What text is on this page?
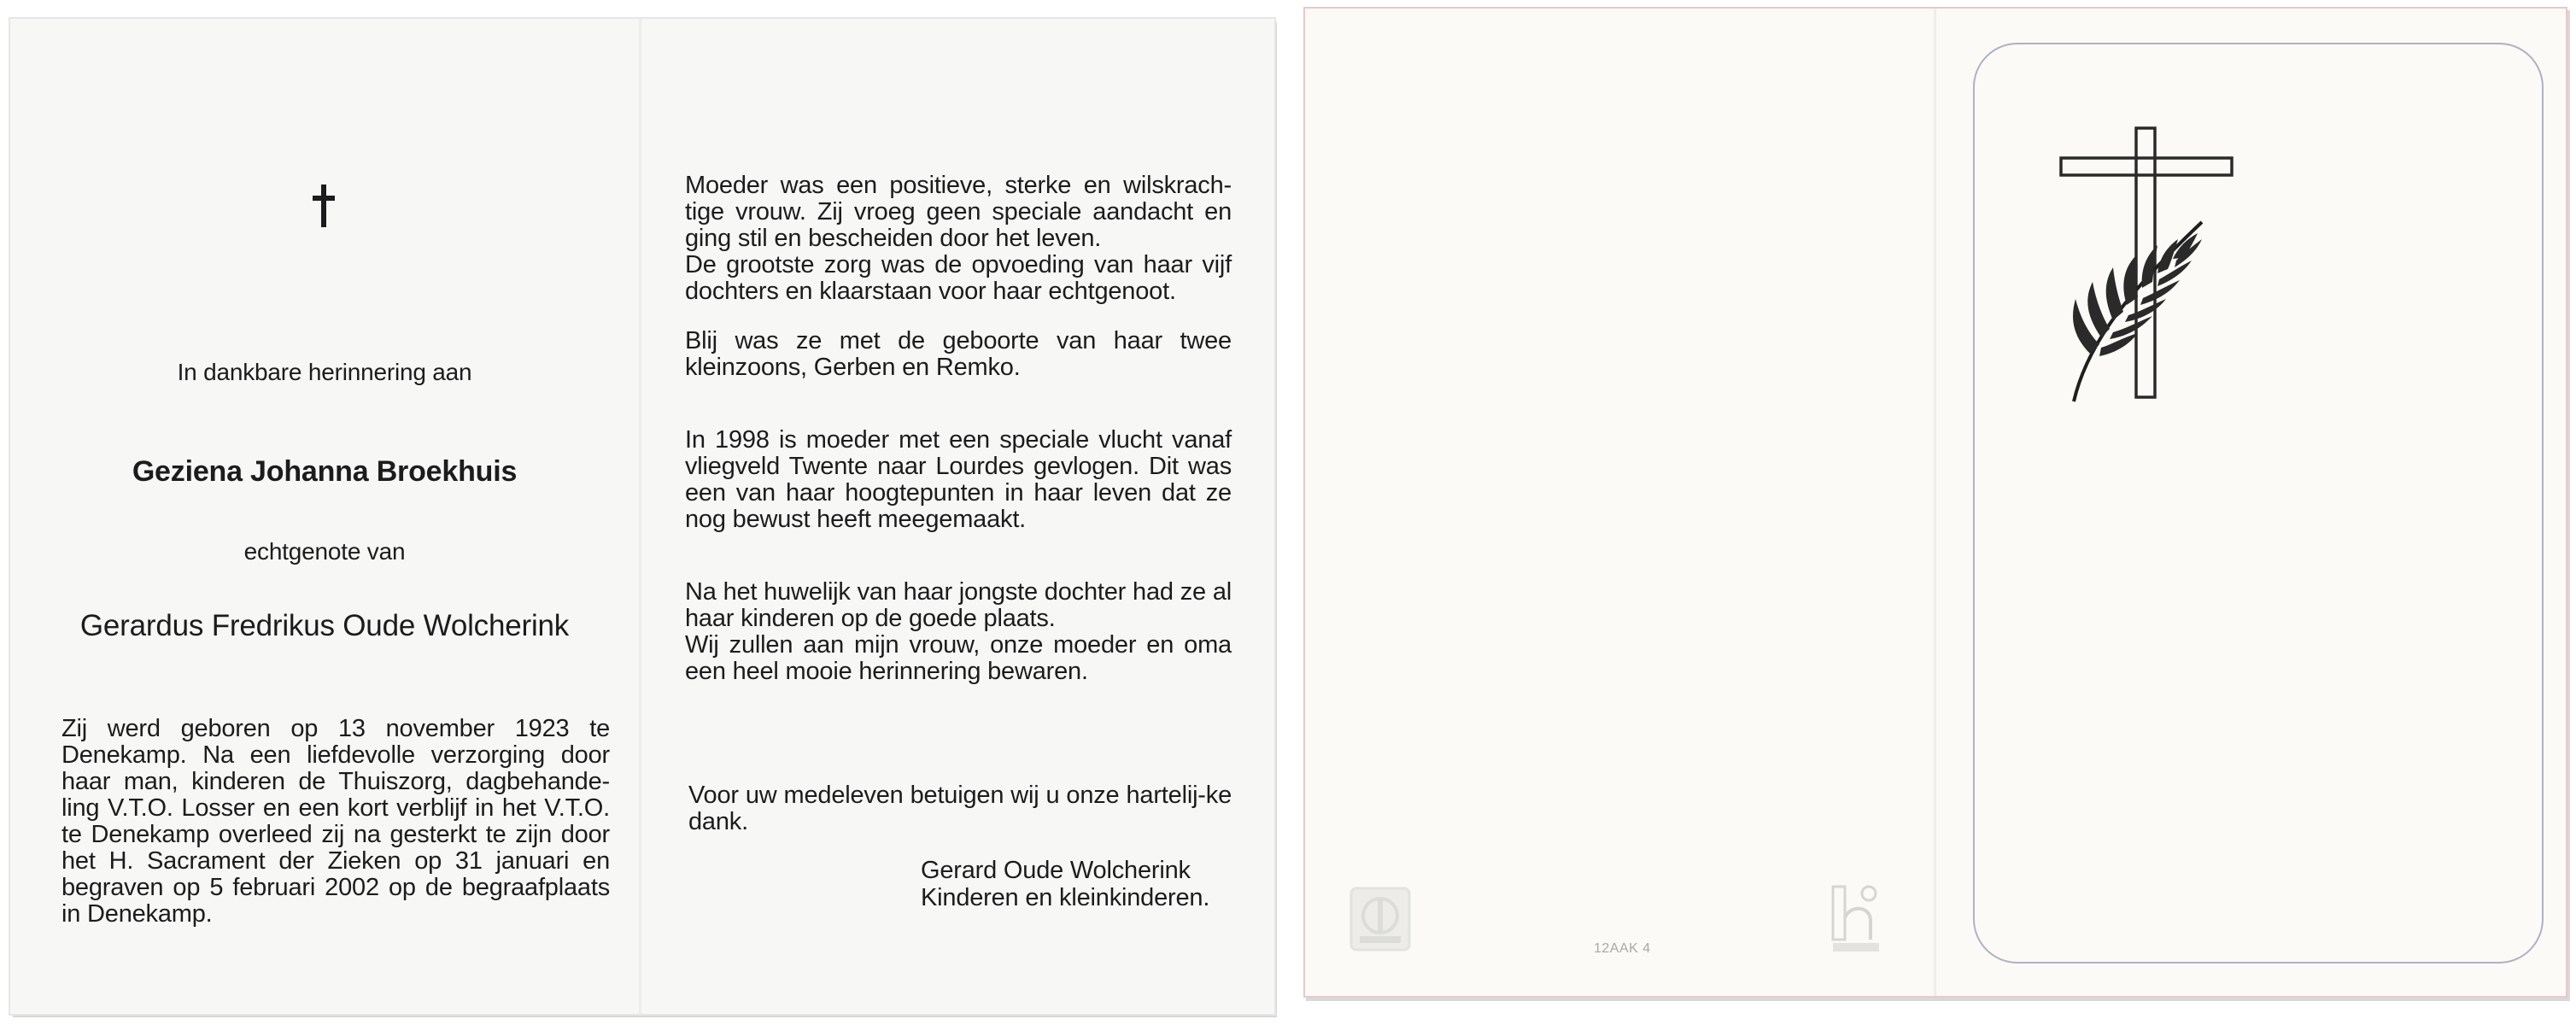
In dankbare herinnering aan
Geziena Johanna Broekhuis
echtgenote van
Gerardus Fredrikus Oude Wolcherink
Zij werd geboren op 13 november 1923 te Denekamp. Na een liefdevolle verzorging door haar man, kinderen de Thuiszorg, dagbehande-ling V.T.O. Losser en een kort verblijf in het V.T.O. te Denekamp overleed zij na gesterkt te zijn door het H. Sacrament der Zieken op 31 januari en begraven op 5 februari 2002 op de begraafplaats in Denekamp.
Moeder was een positieve, sterke en wilskrach-tige vrouw. Zij vroeg geen speciale aandacht en ging stil en bescheiden door het leven.
De grootste zorg was de opvoeding van haar vijf dochters en klaarstaan voor haar echtgenoot.
Blij was ze met de geboorte van haar twee kleinzoons, Gerben en Remko.
In 1998 is moeder met een speciale vlucht vanaf vliegveld Twente naar Lourdes gevlogen. Dit was een van haar hoogtepunten in haar leven dat ze nog bewust heeft meegemaakt.
Na het huwelijk van haar jongste dochter had ze al haar kinderen op de goede plaats.
Wij zullen aan mijn vrouw, onze moeder en oma een heel mooie herinnering bewaren.
Voor uw medeleven betuigen wij u onze hartelij-ke dank.
Gerard Oude Wolcherink
Kinderen en kleinkinderen.
12AAK 4
